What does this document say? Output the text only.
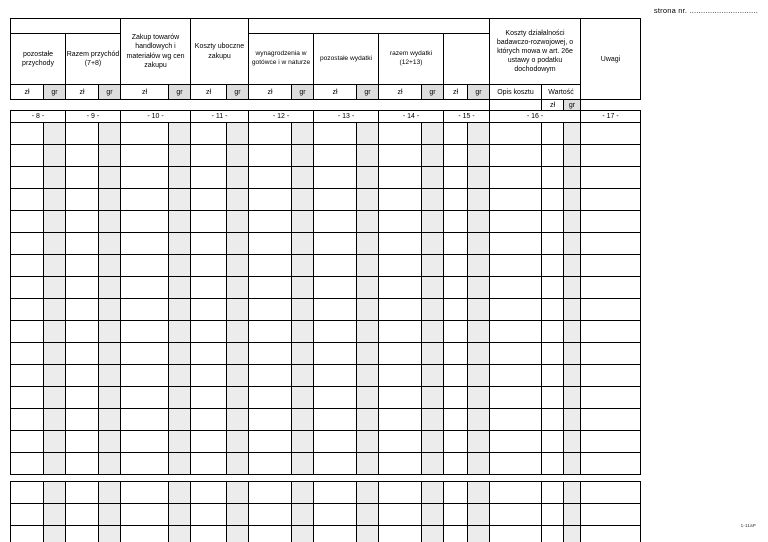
strona nr. ..............................
P R Z Y C H Ó D ➤				Zakup towarów handlowych i materiałów wg cen zakupu		Koszty uboczne zakupu		W Y D A T K I ( K O S Z T Y )								Koszty działalności badawczo-rozwojowej, o których mowa w art. 26e ustawy o podatku dochodowym			Uwagi
pozostałe przychody		Razem przychód (7+8)						wynagrodzenia w gotówce i w naturze		pozostałe wydatki		razem wydatki (12+13)							
zł	gr	zł	gr	zł	gr	zł	gr	zł	gr	zł	gr	zł	gr	zł	gr	Opis kosztu	Wartość		
																	zł	gr	
- 8 -		- 9 -		- 10 -		- 11 -		- 12 -		- 13 -		- 14 -		- 15 -		- 16 -			- 17 -

1-11aP
